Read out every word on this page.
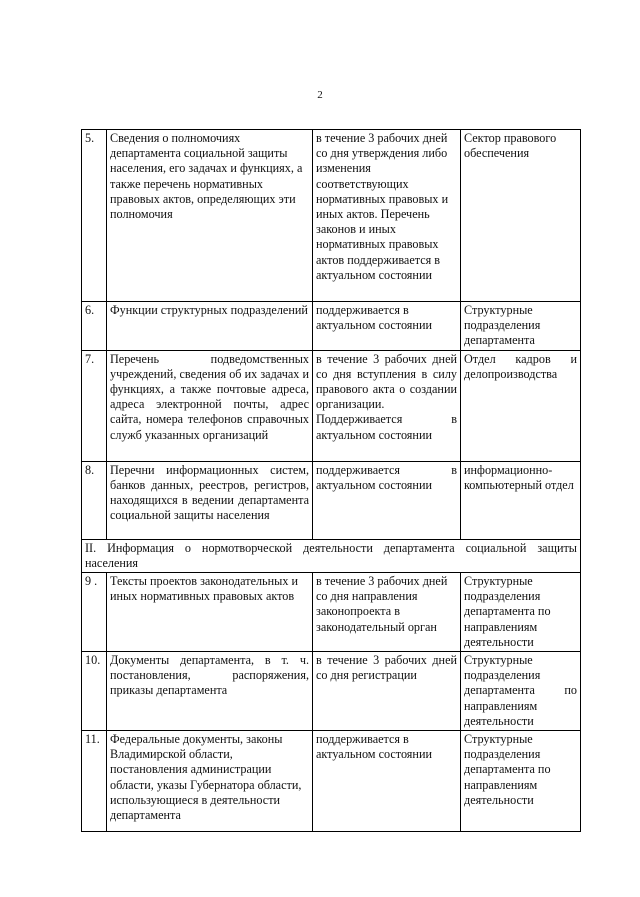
2
5.	Сведения о полномочиях департамента социальной защиты населения, его задачах и функциях, а также перечень нормативных правовых актов, определяющих эти полномочия	в течение 3 рабочих дней со дня утверждения либо изменения соответствующих нормативных правовых и иных актов. Перечень законов и иных нормативных правовых актов поддерживается в актуальном состоянии	Сектор правового обеспечения
6.	Функции структурных подразделений	поддерживается в актуальном состоянии	Структурные подразделения департамента
7.	Перечень подведомственных учреждений, сведения об их задачах и функциях, а также почтовые адреса, адреса электронной почты, адрес сайта, номера телефонов справочных служб указанных организаций	в течение 3 рабочих дней со дня вступления в силу правового акта о создании организации. Поддерживается в актуальном состоянии	Отдел кадров и делопроизводства
8.	Перечни информационных систем, банков данных, реестров, регистров, находящихся в ведении департамента социальной защиты населения	поддерживается в актуальном состоянии	информационно-компьютерный отдел
II. Информация о нормотворческой деятельности департамента социальной защиты населения			
9 .	Тексты проектов законодательных и иных нормативных правовых актов	в течение 3 рабочих дней со дня направления законопроекта в законодательный орган	Структурные подразделения департамента по направлениям деятельности
10.	Документы департамента, в т. ч. постановления, распоряжения, приказы департамента	в течение 3 рабочих дней со дня регистрации	Структурные подразделения департамента по направлениям деятельности
11.	Федеральные документы, законы Владимирской области, постановления администрации области, указы Губернатора области, использующиеся в деятельности департамента	поддерживается в актуальном состоянии	Структурные подразделения департамента по направлениям деятельности
